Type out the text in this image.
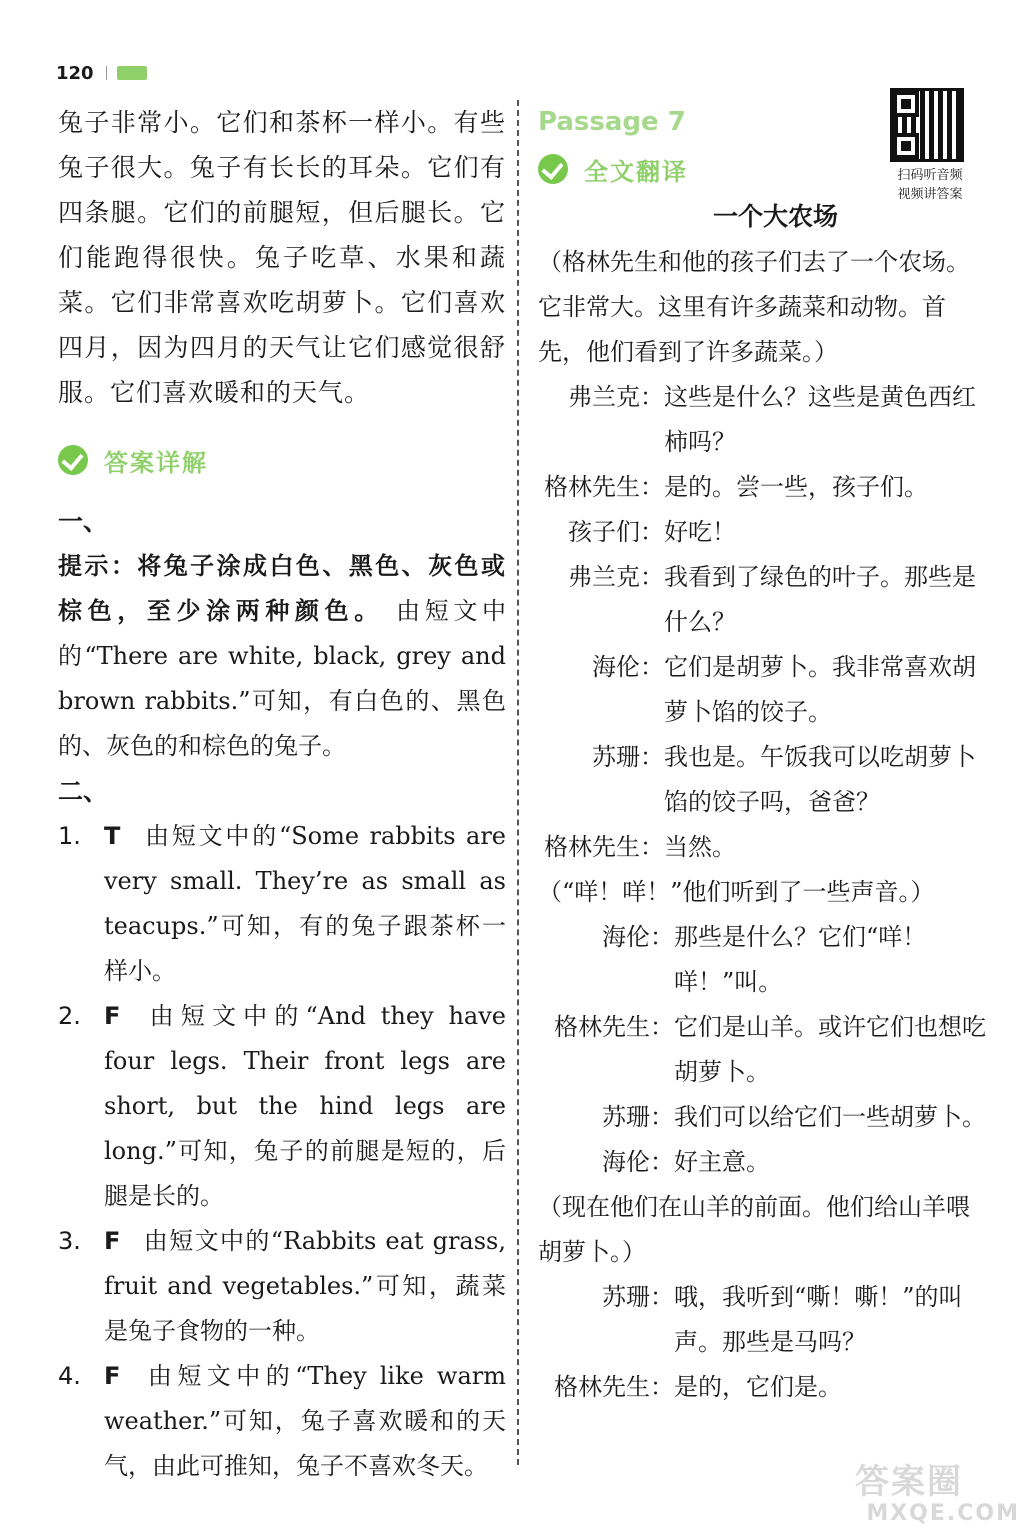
120

兔子非常小。它们和茶杯一样小。有些兔子很大。兔子有长长的耳朵。它们有四条腿。它们的前腿短，但后腿长。它们能跑得很快。兔子吃草、水果和蔬菜。它们非常喜欢吃胡萝卜。它们喜欢四月，因为四月的天气让它们感觉很舒服。它们喜欢暖和的天气。

答案详解
一、

提示：将兔子涂成白色、黑色、灰色或棕色，至少涂两种颜色。 由短文中的“There are white, black, grey and brown rabbits.”可知，有白色的、黑色的、灰色的和棕色的兔子。

二、
1. T 由短文中的“Some rabbits are very small. They’re as small as teacups.”可知，有的兔子跟茶杯一样小。
2. F 由短文中的“And they have four legs. Their front legs are short, but the hind legs are long.”可知，兔子的前腿是短的，后腿是长的。
3. F 由短文中的“Rabbits eat grass, fruit and vegetables.”可知，蔬菜是兔子食物的一种。
4. F 由短文中的“They like warm weather.”可知，兔子喜欢暖和的天气，由此可推知，兔子不喜欢冬天。
扫码听音频
视频讲答案
Passage 7
全文翻译
一个大农场

（格林先生和他的孩子们去了一个农场。它非常大。这里有许多蔬菜和动物。首先，他们看到了许多蔬菜。）

弗兰克： 这些是什么？这些是黄色西红柿吗？
格林先生： 是的。尝一些，孩子们。
孩子们： 好吃！
弗兰克： 我看到了绿色的叶子。那些是什么？
海伦： 它们是胡萝卜。我非常喜欢胡萝卜馅的饺子。
苏珊： 我也是。午饭我可以吃胡萝卜馅的饺子吗，爸爸？
格林先生： 当然。

（“咩！咩！”他们听到了一些声音。）

海伦： 那些是什么？它们“咩！咩！”叫。
格林先生： 它们是山羊。或许它们也想吃胡萝卜。
苏珊： 我们可以给它们一些胡萝卜。
海伦： 好主意。

（现在他们在山羊的前面。他们给山羊喂胡萝卜。）

苏珊： 哦，我听到“嘶！嘶！”的叫声。那些是马吗？
格林先生： 是的，它们是。
答案圈
MXQE.COM
